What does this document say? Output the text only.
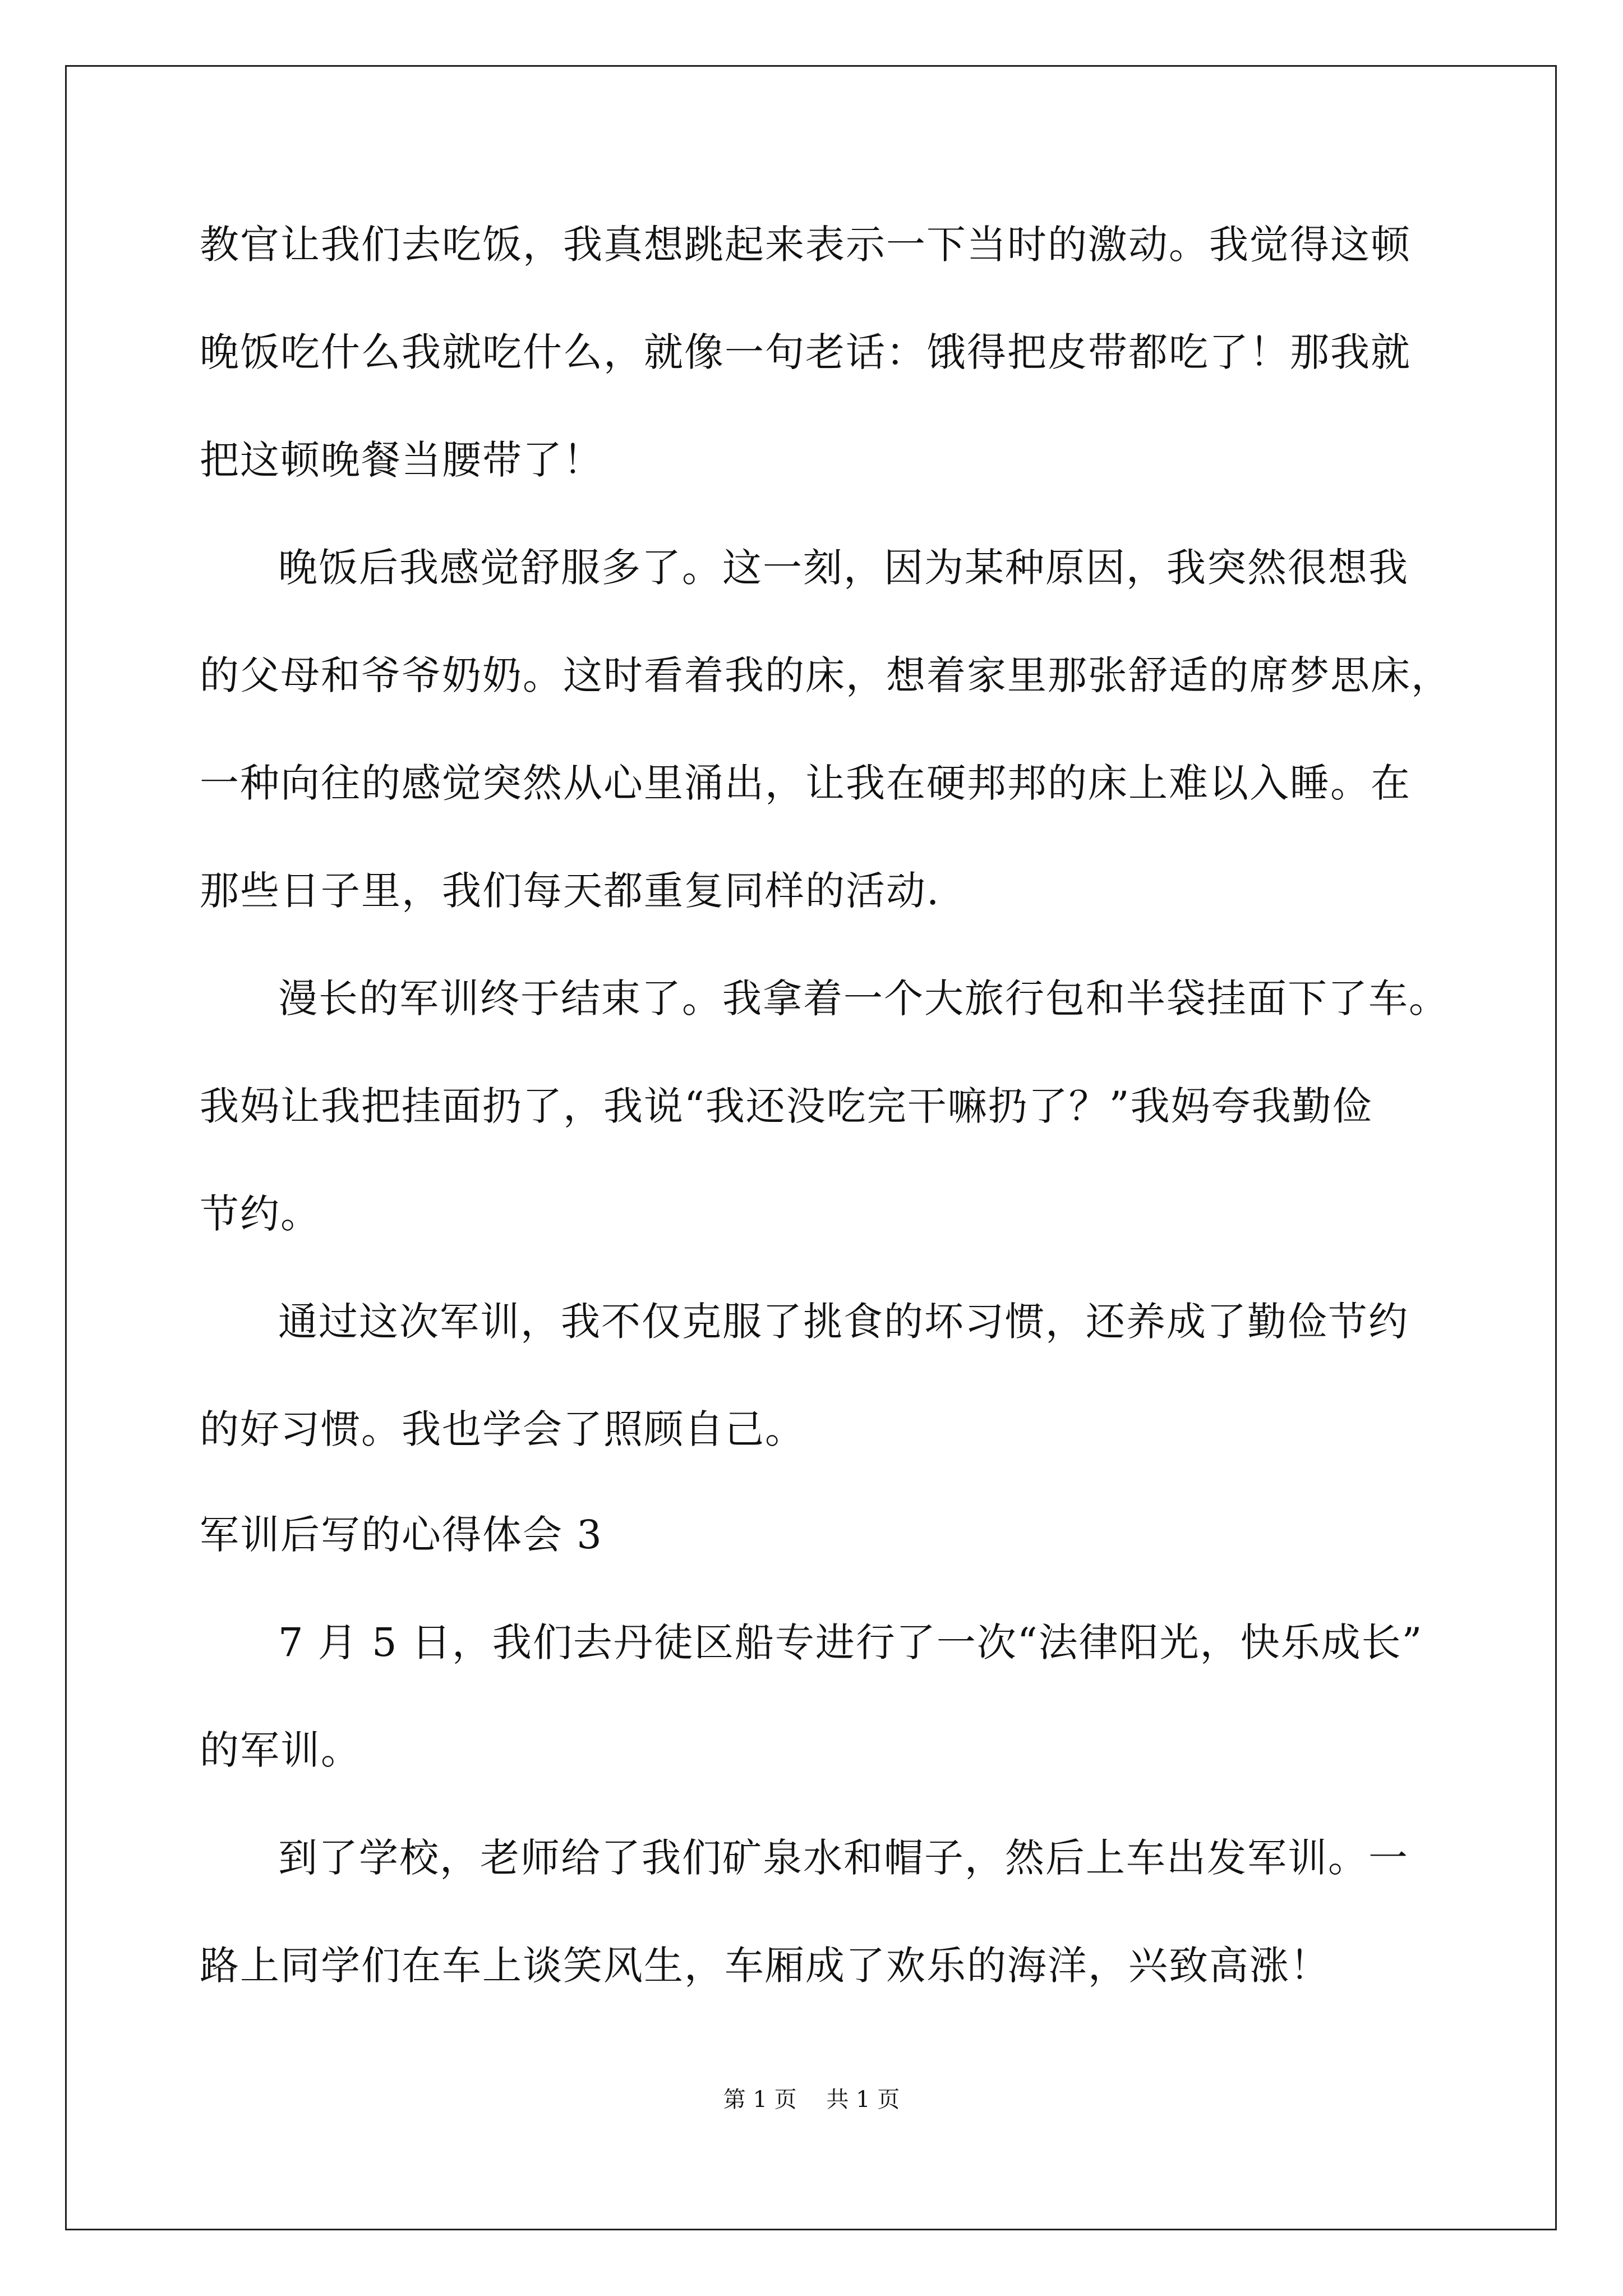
教官让我们去吃饭，我真想跳起来表示一下当时的激动。我觉得这顿
晚饭吃什么我就吃什么，就像一句老话：饿得把皮带都吃了！那我就
把这顿晚餐当腰带了！
晚饭后我感觉舒服多了。这一刻，因为某种原因，我突然很想我
的父母和爷爷奶奶。这时看着我的床，想着家里那张舒适的席梦思床，
一种向往的感觉突然从心里涌出，让我在硬邦邦的床上难以入睡。在
那些日子里，我们每天都重复同样的活动.
漫长的军训终于结束了。我拿着一个大旅行包和半袋挂面下了车。
我妈让我把挂面扔了，我说“我还没吃完干嘛扔了？”我妈夸我勤俭
节约。
通过这次军训，我不仅克服了挑食的坏习惯，还养成了勤俭节约
的好习惯。我也学会了照顾自己。
军训后写的心得体会 3
7 月 5 日，我们去丹徒区船专进行了一次“法律阳光，快乐成长”
的军训。
到了学校，老师给了我们矿泉水和帽子，然后上车出发军训。一
路上同学们在车上谈笑风生，车厢成了欢乐的海洋，兴致高涨！
第 1 页 共 1 页
